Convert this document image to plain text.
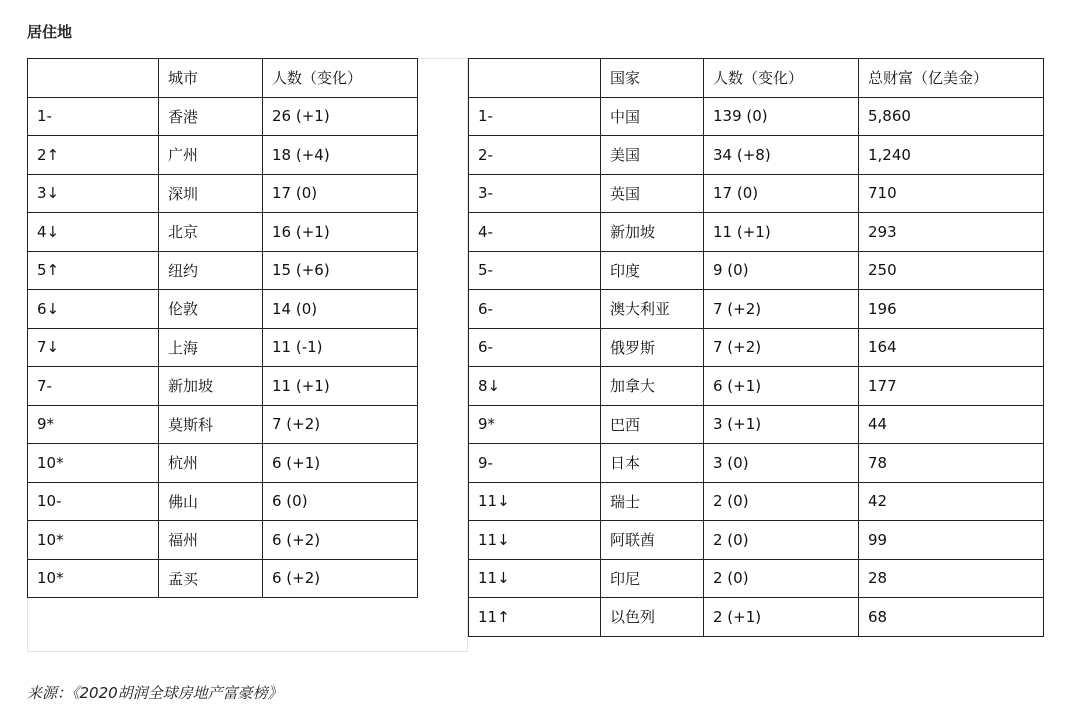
居住地
	城市	人数（变化）
1-	香港	26 (+1)
2↑	广州	18 (+4)
3↓	深圳	17 (0)
4↓	北京	16 (+1)
5↑	纽约	15 (+6)
6↓	伦敦	14 (0)
7↓	上海	11 (-1)
7-	新加坡	11 (+1)
9*	莫斯科	7 (+2)
10*	杭州	6 (+1)
10-	佛山	6 (0)
10*	福州	6 (+2)
10*	孟买	6 (+2)
	国家	人数（变化）	总财富（亿美金）
1-	中国	139 (0)	5,860
2-	美国	34 (+8)	1,240
3-	英国	17 (0)	710
4-	新加坡	11 (+1)	293
5-	印度	9 (0)	250
6-	澳大利亚	7 (+2)	196
6-	俄罗斯	7 (+2)	164
8↓	加拿大	6 (+1)	177
9*	巴西	3 (+1)	44
9-	日本	3 (0)	78
11↓	瑞士	2 (0)	42
11↓	阿联酋	2 (0)	99
11↓	印尼	2 (0)	28
11↑	以色列	2 (+1)	68
来源：《2020胡润全球房地产富豪榜》
